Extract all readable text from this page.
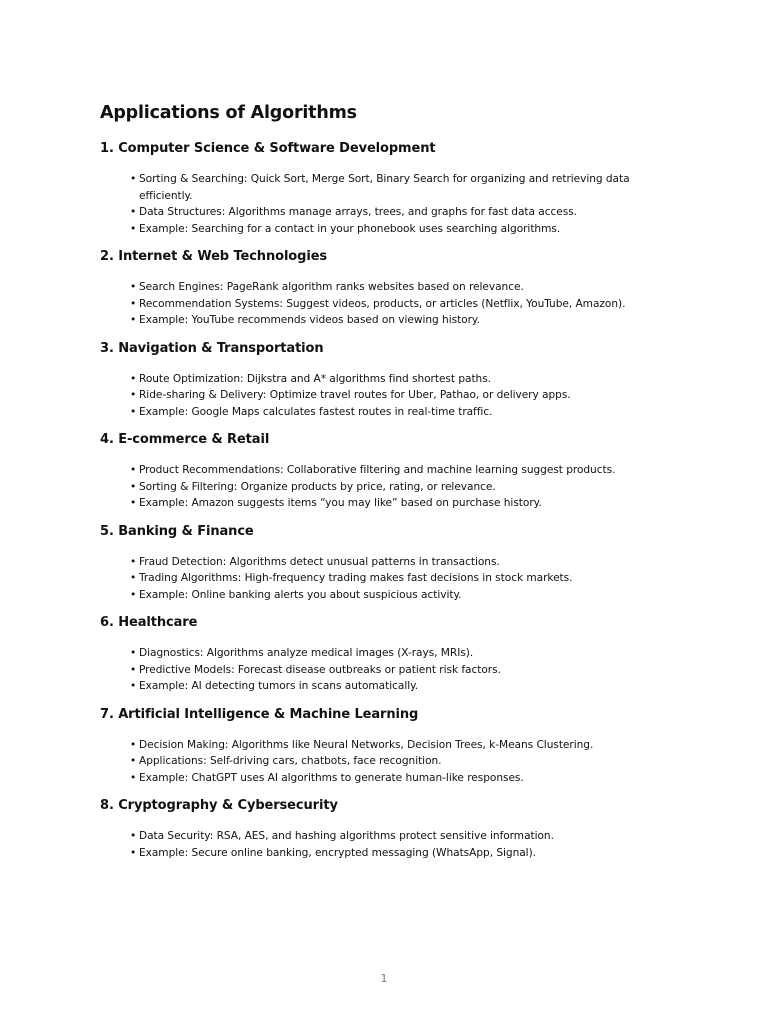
Applications of Algorithms
1. Computer Science & Software Development
• Sorting & Searching: Quick Sort, Merge Sort, Binary Search for organizing and retrieving data efficiently.
• Data Structures: Algorithms manage arrays, trees, and graphs for fast data access.
• Example: Searching for a contact in your phonebook uses searching algorithms.
2. Internet & Web Technologies
• Search Engines: PageRank algorithm ranks websites based on relevance.
• Recommendation Systems: Suggest videos, products, or articles (Netflix, YouTube, Amazon).
• Example: YouTube recommends videos based on viewing history.
3. Navigation & Transportation
• Route Optimization: Dijkstra and A* algorithms find shortest paths.
• Ride-sharing & Delivery: Optimize travel routes for Uber, Pathao, or delivery apps.
• Example: Google Maps calculates fastest routes in real-time traffic.
4. E-commerce & Retail
• Product Recommendations: Collaborative filtering and machine learning suggest products.
• Sorting & Filtering: Organize products by price, rating, or relevance.
• Example: Amazon suggests items “you may like” based on purchase history.
5. Banking & Finance
• Fraud Detection: Algorithms detect unusual patterns in transactions.
• Trading Algorithms: High-frequency trading makes fast decisions in stock markets.
• Example: Online banking alerts you about suspicious activity.
6. Healthcare
• Diagnostics: Algorithms analyze medical images (X-rays, MRIs).
• Predictive Models: Forecast disease outbreaks or patient risk factors.
• Example: AI detecting tumors in scans automatically.
7. Artificial Intelligence & Machine Learning
• Decision Making: Algorithms like Neural Networks, Decision Trees, k-Means Clustering.
• Applications: Self-driving cars, chatbots, face recognition.
• Example: ChatGPT uses AI algorithms to generate human-like responses.
8. Cryptography & Cybersecurity
• Data Security: RSA, AES, and hashing algorithms protect sensitive information.
• Example: Secure online banking, encrypted messaging (WhatsApp, Signal).
1
